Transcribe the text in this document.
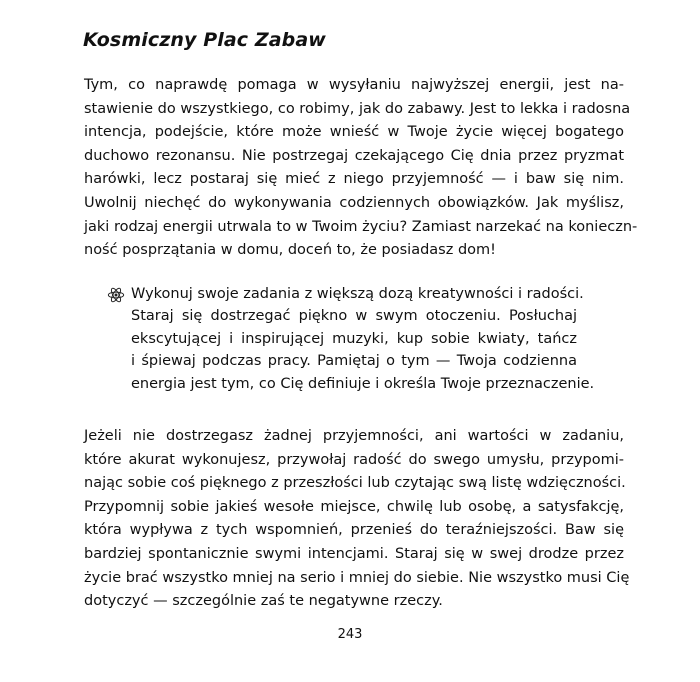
Kosmiczny Plac Zabaw
Tym, co naprawdę pomaga w wysyłaniu najwyższej energii, jest na-
stawienie do wszystkiego, co robimy, jak do zabawy. Jest to lekka i radosna
intencja, podejście, które może wnieść w Twoje życie więcej bogatego
duchowo rezonansu. Nie postrzegaj czekającego Cię dnia przez pryzmat
harówki, lecz postaraj się mieć z niego przyjemność — i baw się nim.
Uwolnij niechęć do wykonywania codziennych obowiązków. Jak myślisz,
jaki rodzaj energii utrwala to w Twoim życiu? Zamiast narzekać na konieczn-
ność posprzątania w domu, doceń to, że posiadasz dom!
Wykonuj swoje zadania z większą dozą kreatywności i radości.
Staraj się dostrzegać piękno w swym otoczeniu. Posłuchaj
ekscytującej i inspirującej muzyki, kup sobie kwiaty, tańcz
i śpiewaj podczas pracy. Pamiętaj o tym — Twoja codzienna
energia jest tym, co Cię definiuje i określa Twoje przeznaczenie.
Jeżeli nie dostrzegasz żadnej przyjemności, ani wartości w zadaniu,
które akurat wykonujesz, przywołaj radość do swego umysłu, przypomi-
nając sobie coś pięknego z przeszłości lub czytając swą listę wdzięczności.
Przypomnij sobie jakieś wesołe miejsce, chwilę lub osobę, a satysfakcję,
która wypływa z tych wspomnień, przenieś do teraźniejszości. Baw się
bardziej spontanicznie swymi intencjami. Staraj się w swej drodze przez
życie brać wszystko mniej na serio i mniej do siebie. Nie wszystko musi Cię
dotyczyć — szczególnie zaś te negatywne rzeczy.
243
